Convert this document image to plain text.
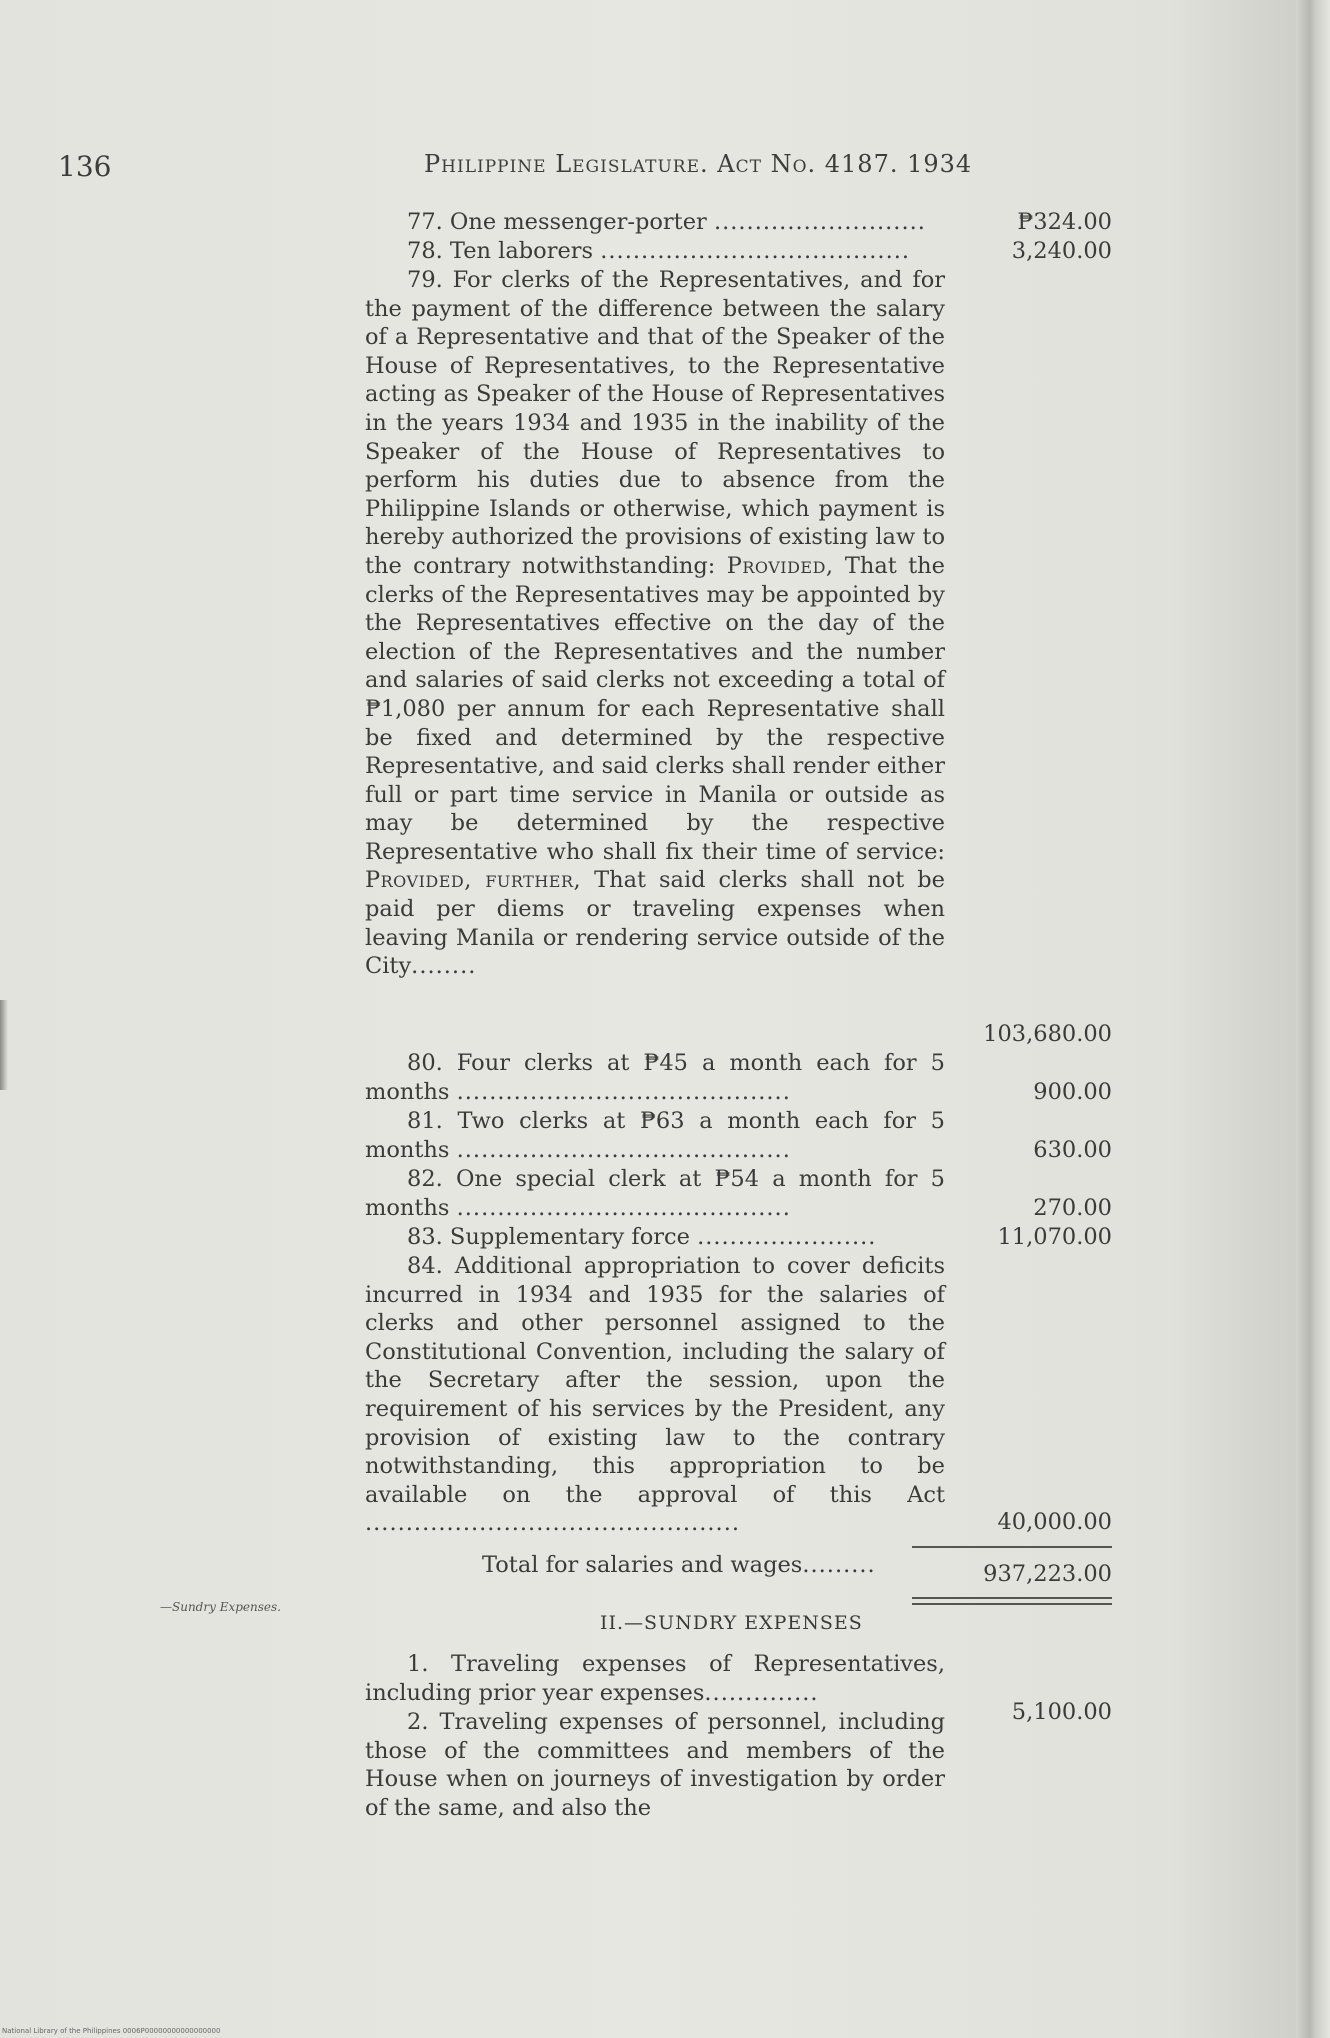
136	Philippine Legislature. Act No. 4187. 1934
77. One messenger-porter ..........................	₱324.00
78. Ten laborers ......................................	3,240.00
79. For clerks of the Representatives, and for the payment of the difference between the salary of a Representative and that of the Speaker of the House of Representatives, to the Representative acting as Speaker of the House of Representatives in the years 1934 and 1935 in the inability of the Speaker of the House of Representatives to perform his duties due to absence from the Philippine Islands or otherwise, which payment is hereby authorized the provisions of existing law to the contrary notwithstanding: Provided, That the clerks of the Representatives may be appointed by the Representatives effective on the day of the election of the Representatives and the number and salaries of said clerks not exceeding a total of ₱1,080 per annum for each Representative shall be fixed and determined by the respective Representative, and said clerks shall render either full or part time service in Manila or outside as may be determined by the respective Representative who shall fix their time of service: Provided, further, That said clerks shall not be paid per diems or traveling expenses when leaving Manila or rendering service outside of the City........
103,680.00
80. Four clerks at ₱45 a month each for 5 months .........................................	900.00
81. Two clerks at ₱63 a month each for 5 months .........................................	630.00
82. One special clerk at ₱54 a month for 5 months .........................................	270.00
83. Supplementary force ......................	11,070.00
84. Additional appropriation to cover deficits incurred in 1934 and 1935 for the salaries of clerks and other personnel assigned to the Constitutional Convention, including the salary of the Secretary after the session, upon the requirement of his services by the President, any provision of existing law to the contrary notwithstanding, this appropriation to be available on the approval of this Act ..............................................	40,000.00
Total for salaries and wages.........	937,223.00
—Sundry Expenses.
II.—SUNDRY EXPENSES
1. Traveling expenses of Representatives, including prior year expenses..............
5,100.00
2. Traveling expenses of personnel, including those of the committees and members of the House when on journeys of investigation by order of the same, and also the
National Library of the Philippines 0006P00000000000000000
